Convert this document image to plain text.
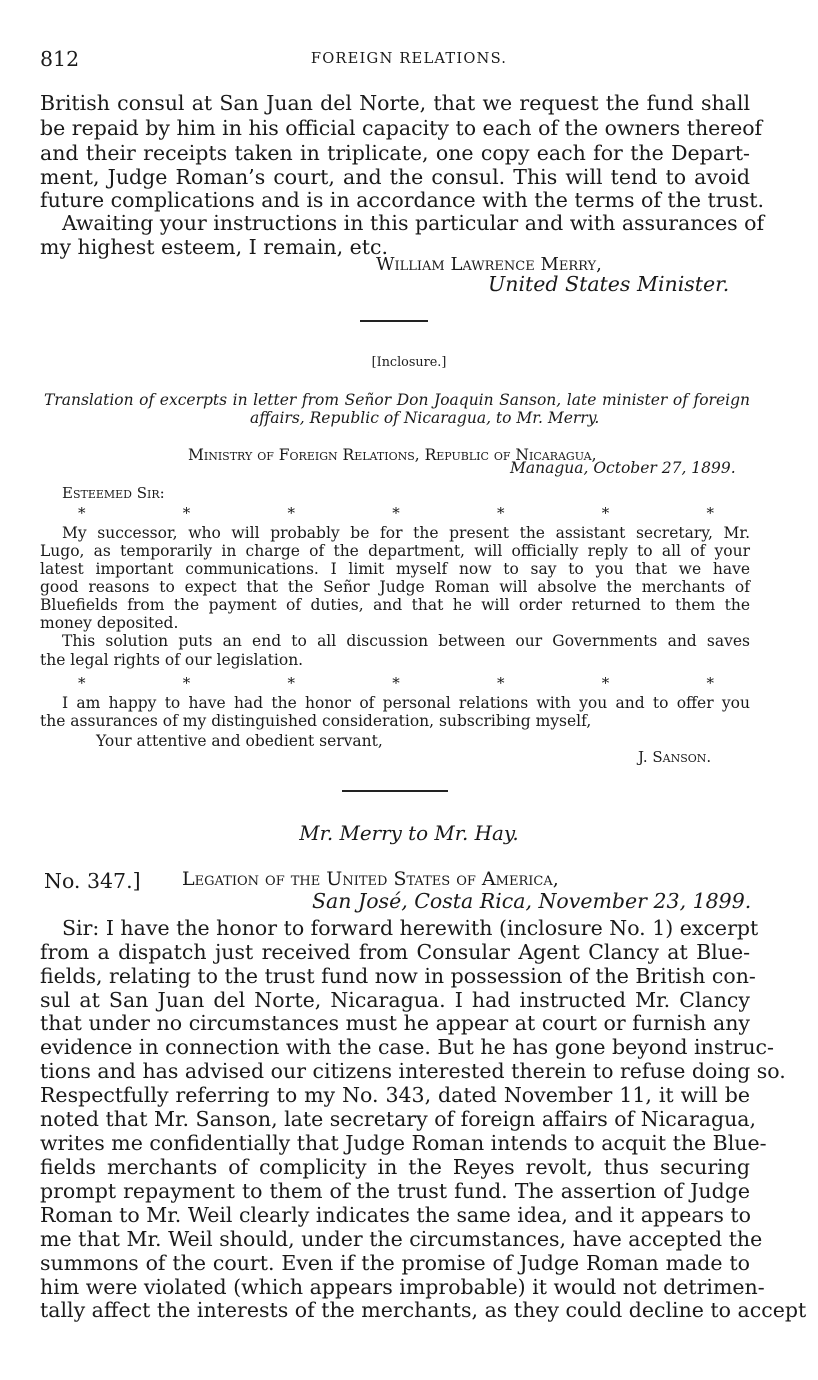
812	FOREIGN RELATIONS.
British consul at San Juan del Norte, that we request the fund shall
be repaid by him in his official capacity to each of the owners thereof
and their receipts taken in triplicate, one copy each for the Depart-
ment, Judge Roman’s court, and the consul. This will tend to avoid
future complications and is in accordance with the terms of the trust.
Awaiting your instructions in this particular and with assurances of
my highest esteem, I remain, etc.
William Lawrence Merry,
United States Minister.
[Inclosure.]
Translation of excerpts in letter from Señor Don Joaquin Sanson, late minister of foreign
affairs, Republic of Nicaragua, to Mr. Merry.
Ministry of Foreign Relations, Republic of Nicaragua,
Managua, October 27, 1899.
Esteemed Sir:
*	*	*	*	*	*	*
My successor, who will probably be for the present the assistant secretary, Mr.
Lugo, as temporarily in charge of the department, will officially reply to all of your
latest important communications. I limit myself now to say to you that we have
good reasons to expect that the Señor Judge Roman will absolve the merchants of
Bluefields from the payment of duties, and that he will order returned to them the
money deposited.
This solution puts an end to all discussion between our Governments and saves
the legal rights of our legislation.
*	*	*	*	*	*	*
I am happy to have had the honor of personal relations with you and to offer you
the assurances of my distinguished consideration, subscribing myself,
Your attentive and obedient servant,
J. Sanson.
Mr. Merry to Mr. Hay.
No. 347.] Legation of the United States of America,
San José, Costa Rica, November 23, 1899.
Sir: I have the honor to forward herewith (inclosure No. 1) excerpt
from a dispatch just received from Consular Agent Clancy at Blue-
fields, relating to the trust fund now in possession of the British con-
sul at San Juan del Norte, Nicaragua. I had instructed Mr. Clancy
that under no circumstances must he appear at court or furnish any
evidence in connection with the case. But he has gone beyond instruc-
tions and has advised our citizens interested therein to refuse doing so.
Respectfully referring to my No. 343, dated November 11, it will be
noted that Mr. Sanson, late secretary of foreign affairs of Nicaragua,
writes me confidentially that Judge Roman intends to acquit the Blue-
fields merchants of complicity in the Reyes revolt, thus securing
prompt repayment to them of the trust fund. The assertion of Judge
Roman to Mr. Weil clearly indicates the same idea, and it appears to
me that Mr. Weil should, under the circumstances, have accepted the
summons of the court. Even if the promise of Judge Roman made to
him were violated (which appears improbable) it would not detrimen-
tally affect the interests of the merchants, as they could decline to accept
